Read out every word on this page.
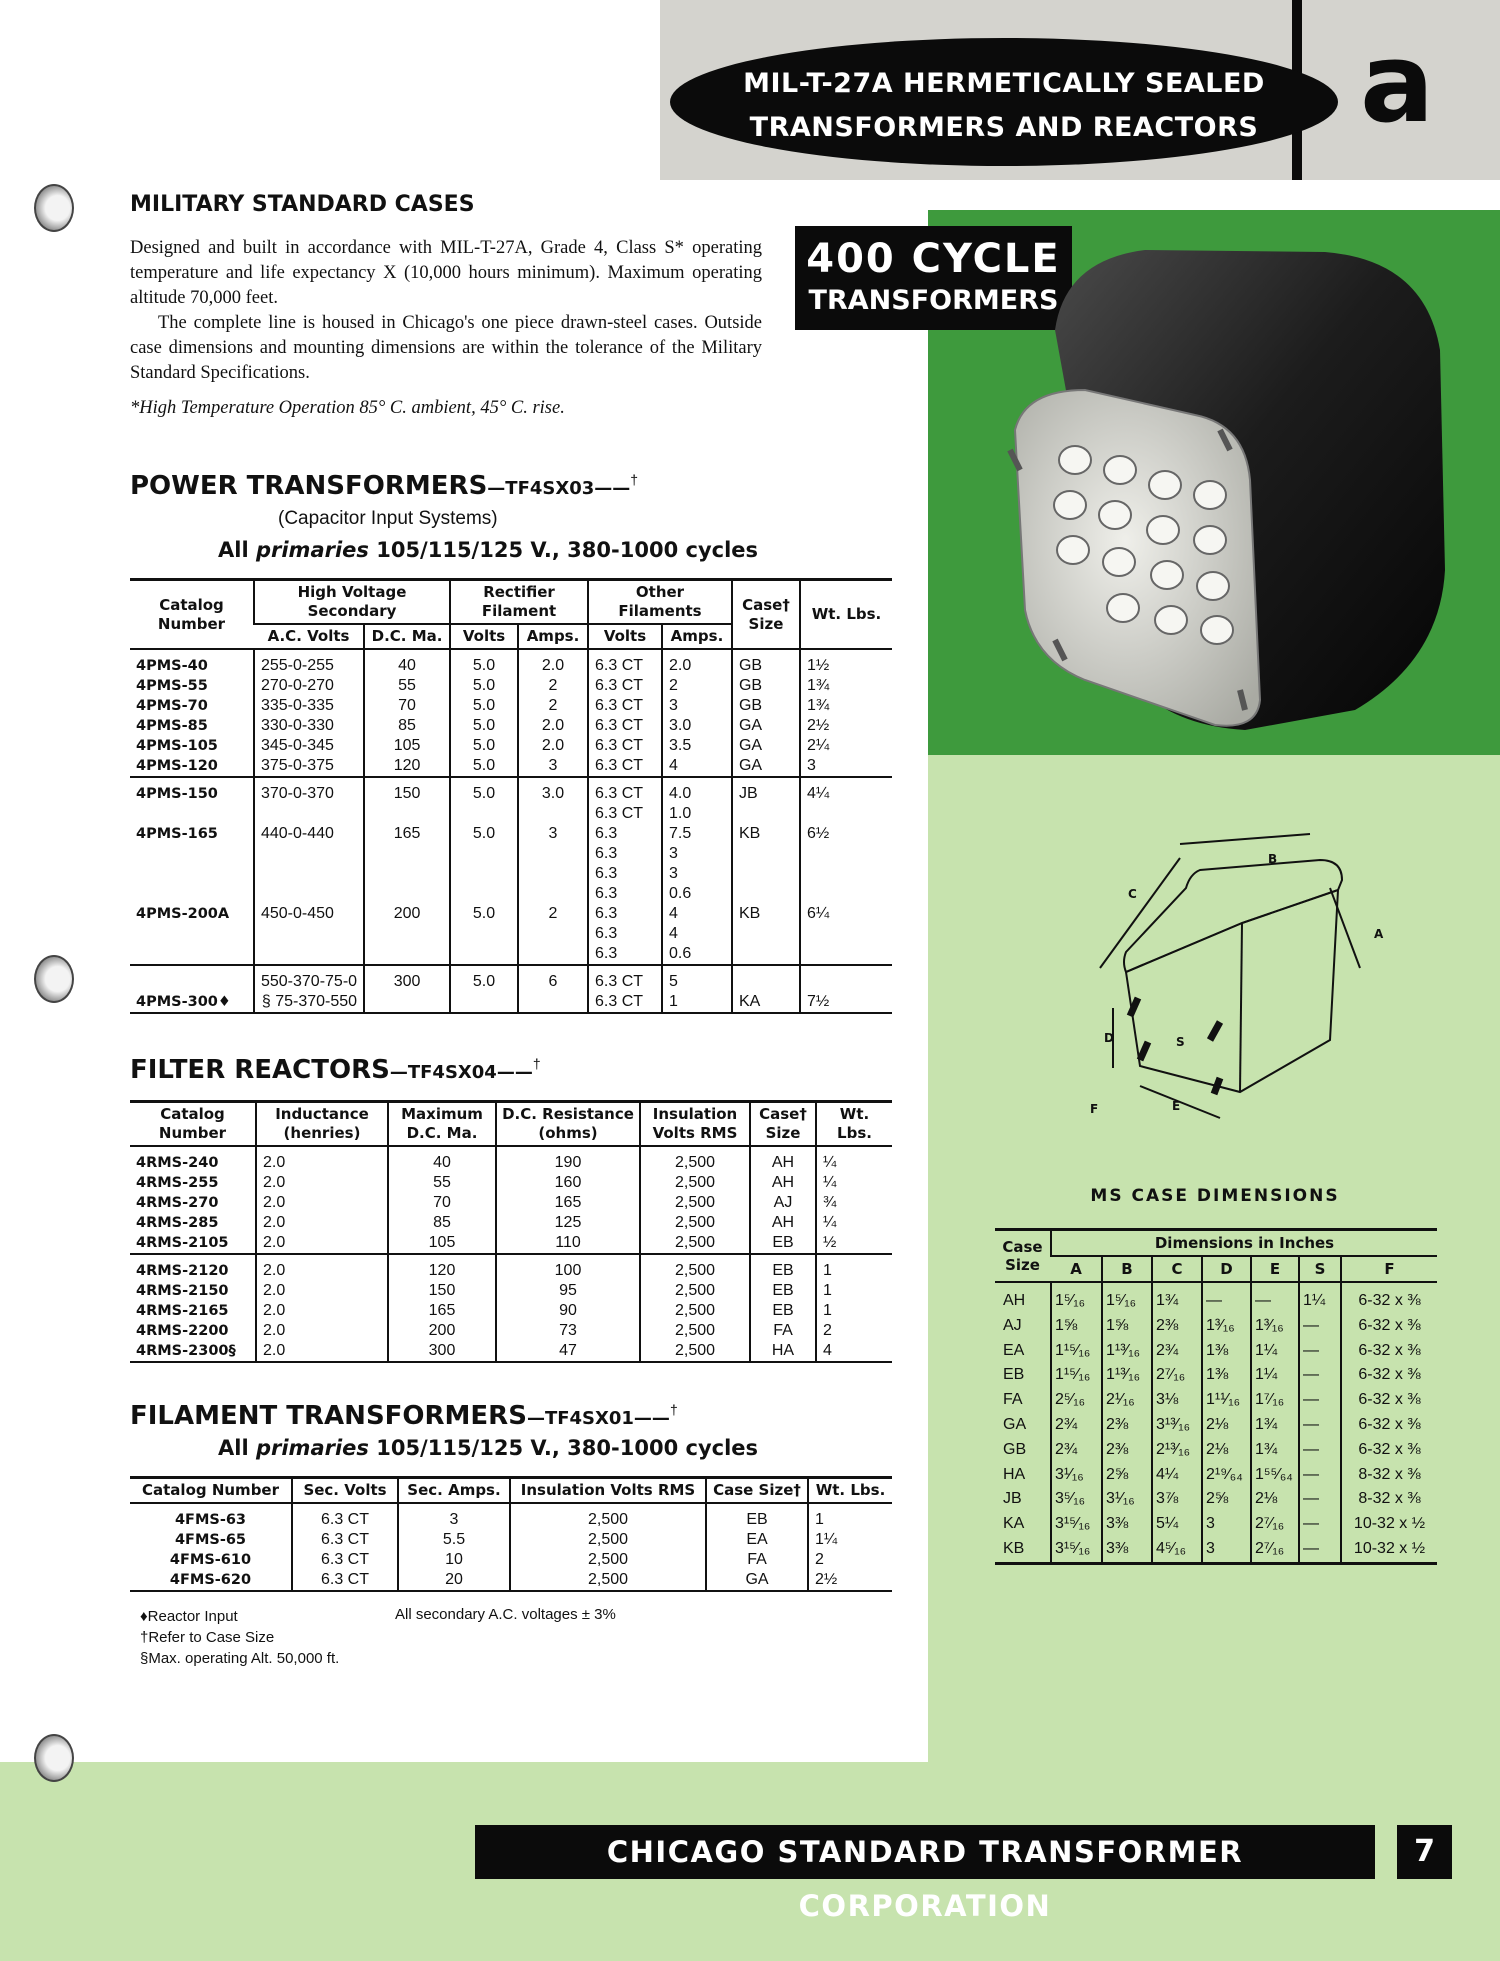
MIL-T-27A HERMETICALLY SEALED
TRANSFORMERS AND REACTORS a
MILITARY STANDARD CASES

Designed and built in accordance with MIL-T-27A, Grade 4, Class S* operating temperature and life expectancy X (10,000 hours minimum). Maximum operating altitude 70,000 feet.

The complete line is housed in Chicago's one piece drawn-steel cases. Outside case dimensions and mounting dimensions are within the tolerance of the Military Standard Specifications.

*High Temperature Operation 85° C. ambient, 45° C. rise.

400 CYCLE
TRANSFORMERS
A
B
C
D
E
F
S
POWER TRANSFORMERS—TF4SX03——†
(Capacitor Input Systems)
All primaries 105/115/125 V., 380-1000 cycles
Catalog Number	High Voltage Secondary		Rectifier Filament		Other Filaments		Case† Size	Wt. Lbs.
	A.C. Volts	D.C. Ma.	Volts	Amps.	Volts	Amps.		
4PMS-40	255-0-255	40	5.0	2.0	6.3 CT	2.0	GB	1½
4PMS-55	270-0-270	55	5.0	2	6.3 CT	2	GB	1¾
4PMS-70	335-0-335	70	5.0	2	6.3 CT	3	GB	1¾
4PMS-85	330-0-330	85	5.0	2.0	6.3 CT	3.0	GA	2½
4PMS-105	345-0-345	105	5.0	2.0	6.3 CT	3.5	GA	2¼
4PMS-120	375-0-375	120	5.0	3	6.3 CT	4	GA	3
4PMS-150	370-0-370	150	5.0	3.0	6.3 CT	4.0	JB	4¼
					6.3 CT	1.0		
4PMS-165	440-0-440	165	5.0	3	6.3	7.5	KB	6½
					6.3	3		
					6.3	3		
					6.3	0.6		
4PMS-200A	450-0-450	200	5.0	2	6.3	4	KB	6¼
					6.3	4		
					6.3	0.6		
	550-370-75-0	300	5.0	6	6.3 CT	5		
4PMS-300♦	§ 75-370-550				6.3 CT	1	KA	7½
FILTER REACTORS—TF4SX04——†
Catalog Number	Inductance (henries)	Maximum D.C. Ma.	D.C. Resistance (ohms)	Insulation Volts RMS	Case† Size	Wt. Lbs.
4RMS-240	2.0	40	190	2,500	AH	¼
4RMS-255	2.0	55	160	2,500	AH	¼
4RMS-270	2.0	70	165	2,500	AJ	¾
4RMS-285	2.0	85	125	2,500	AH	¼
4RMS-2105	2.0	105	110	2,500	EB	½
4RMS-2120	2.0	120	100	2,500	EB	1
4RMS-2150	2.0	150	95	2,500	EB	1
4RMS-2165	2.0	165	90	2,500	EB	1
4RMS-2200	2.0	200	73	2,500	FA	2
4RMS-2300§	2.0	300	47	2,500	HA	4
FILAMENT TRANSFORMERS—TF4SX01——†
All primaries 105/115/125 V., 380-1000 cycles
Catalog Number	Sec. Volts	Sec. Amps.	Insulation Volts RMS	Case Size†	Wt. Lbs.
4FMS-63	6.3 CT	3	2,500	EB	1
4FMS-65	6.3 CT	5.5	2,500	EA	1¼
4FMS-610	6.3 CT	10	2,500	FA	2
4FMS-620	6.3 CT	20	2,500	GA	2½
♦Reactor Input
†Refer to Case Size
§Max. operating Alt. 50,000 ft.
All secondary A.C. voltages ± 3%
MS CASE DIMENSIONS
Case Size	Dimensions in Inches						
	A	B	C	D	E	S	F
AH	1⁵⁄₁₆	1⁵⁄₁₆	1¾	—	—	1¼	6-32 x ⅜
AJ	1⅝	1⅝	2⅜	1³⁄₁₆	1³⁄₁₆	—	6-32 x ⅜
EA	1¹⁵⁄₁₆	1¹³⁄₁₆	2¾	1⅜	1¼	—	6-32 x ⅜
EB	1¹⁵⁄₁₆	1¹³⁄₁₆	2⁷⁄₁₆	1⅜	1¼	—	6-32 x ⅜
FA	2⁵⁄₁₆	2¹⁄₁₆	3⅛	1¹¹⁄₁₆	1⁷⁄₁₆	—	6-32 x ⅜
GA	2¾	2⅜	3¹³⁄₁₆	2⅛	1¾	—	6-32 x ⅜
GB	2¾	2⅜	2¹³⁄₁₆	2⅛	1¾	—	6-32 x ⅜
HA	3¹⁄₁₆	2⅝	4¼	2¹⁹⁄₆₄	1⁵⁵⁄₆₄	—	8-32 x ⅜
JB	3⁵⁄₁₆	3¹⁄₁₆	3⅞	2⅝	2⅛	—	8-32 x ⅜
KA	3¹⁵⁄₁₆	3⅜	5¼	3	2⁷⁄₁₆	—	10-32 x ½
KB	3¹⁵⁄₁₆	3⅜	4⁵⁄₁₆	3	2⁷⁄₁₆	—	10-32 x ½
CHICAGO STANDARD TRANSFORMER CORPORATION
7
